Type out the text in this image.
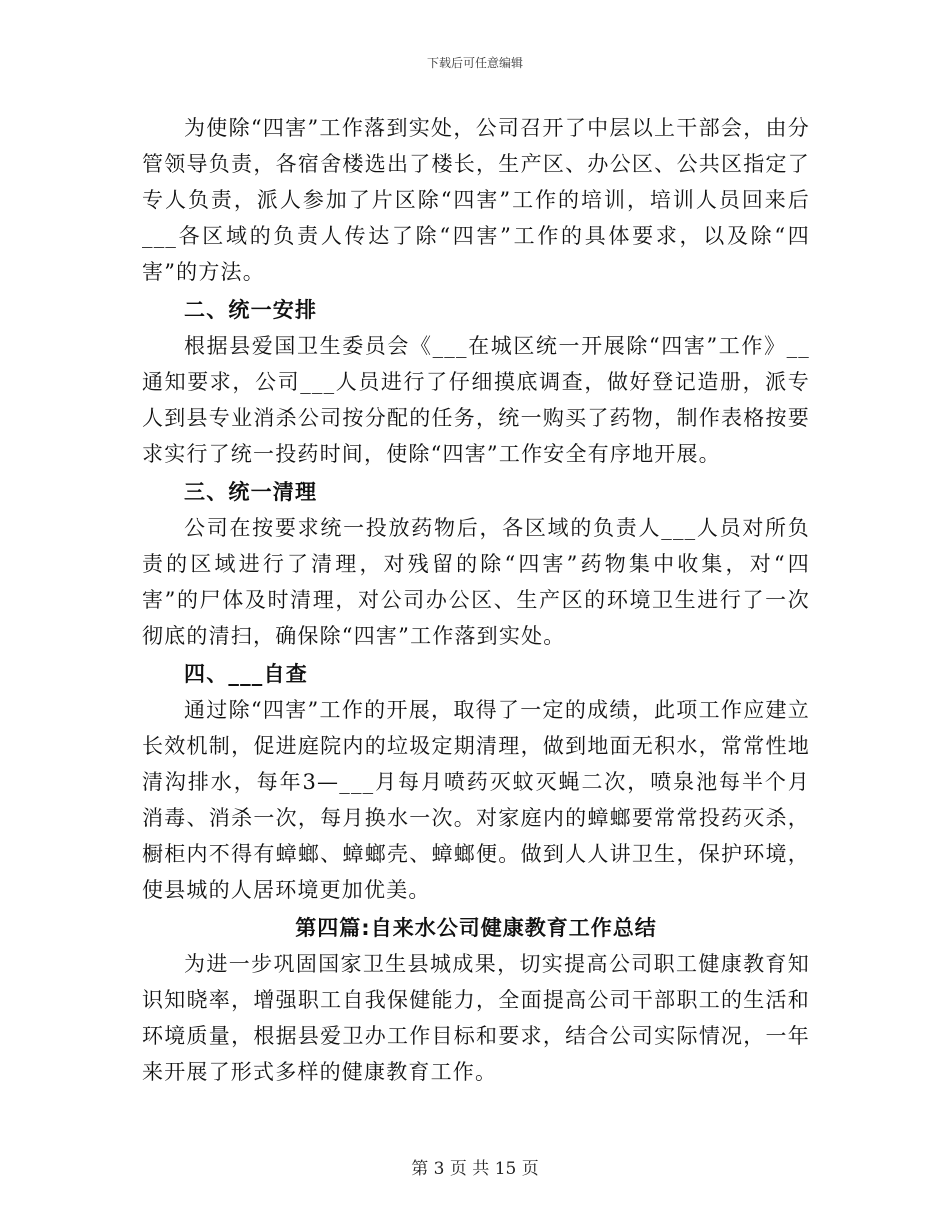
下载后可任意编辑

为使除“四害”工作落到实处，公司召开了中层以上干部会，由分管领导负责，各宿舍楼选出了楼长，生产区、办公区、公共区指定了专人负责，派人参加了片区除“四害”工作的培训，培训人员回来后___各区域的负责人传达了除“四害”工作的具体要求，以及除“四害”的方法。

二、统一安排

根据县爱国卫生委员会《___在城区统一开展除“四害”工作》__通知要求，公司___人员进行了仔细摸底调查，做好登记造册，派专人到县专业消杀公司按分配的任务，统一购买了药物，制作表格按要求实行了统一投药时间，使除“四害”工作安全有序地开展。

三、统一清理

公司在按要求统一投放药物后，各区域的负责人___人员对所负责的区域进行了清理，对残留的除“四害”药物集中收集，对“四害”的尸体及时清理，对公司办公区、生产区的环境卫生进行了一次彻底的清扫，确保除“四害”工作落到实处。

四、___自查

通过除“四害”工作的开展，取得了一定的成绩，此项工作应建立长效机制，促进庭院内的垃圾定期清理，做到地面无积水，常常性地清沟排水，每年3—___月每月喷药灭蚊灭蝇二次，喷泉池每半个月消毒、消杀一次，每月换水一次。对家庭内的蟑螂要常常投药灭杀，橱柜内不得有蟑螂、蟑螂壳、蟑螂便。做到人人讲卫生，保护环境，使县城的人居环境更加优美。

第四篇:自来水公司健康教育工作总结

为进一步巩固国家卫生县城成果，切实提高公司职工健康教育知识知晓率，增强职工自我保健能力，全面提高公司干部职工的生活和环境质量，根据县爱卫办工作目标和要求，结合公司实际情况，一年来开展了形式多样的健康教育工作。

第 3 页 共 15 页
